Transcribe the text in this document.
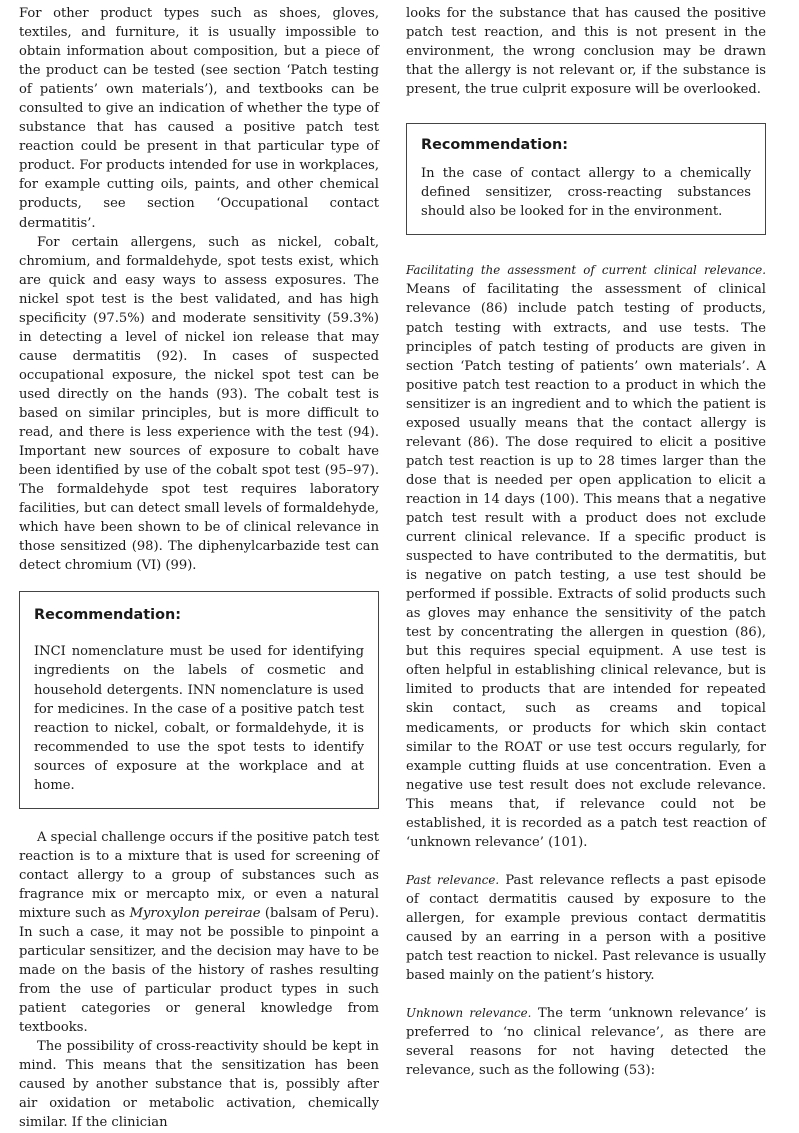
For other product types such as shoes, gloves, textiles, and furniture, it is usually impossible to obtain information about composition, but a piece of the product can be tested (see section ‘Patch testing of patients’ own materials’), and textbooks can be consulted to give an indication of whether the type of substance that has caused a positive patch test reaction could be present in that particular type of product. For products intended for use in workplaces, for example cutting oils, paints, and other chemical products, see section ‘Occupational contact dermatitis’.

For certain allergens, such as nickel, cobalt, chromium, and formaldehyde, spot tests exist, which are quick and easy ways to assess exposures. The nickel spot test is the best validated, and has high specificity (97.5%) and moderate sensitivity (59.3%) in detecting a level of nickel ion release that may cause dermatitis (92). In cases of suspected occupational exposure, the nickel spot test can be used directly on the hands (93). The cobalt test is based on similar principles, but is more difficult to read, and there is less experience with the test (94). Important new sources of exposure to cobalt have been identified by use of the cobalt spot test (95–97). The formaldehyde spot test requires laboratory facilities, but can detect small levels of formaldehyde, which have been shown to be of clinical relevance in those sensitized (98). The diphenylcarbazide test can detect chromium (VI) (99).

Recommendation:

INCI nomenclature must be used for identifying ingredients on the labels of cosmetic and household detergents. INN nomenclature is used for medicines. In the case of a positive patch test reaction to nickel, cobalt, or formaldehyde, it is recommended to use the spot tests to identify sources of exposure at the workplace and at home.

A special challenge occurs if the positive patch test reaction is to a mixture that is used for screening of contact allergy to a group of substances such as fragrance mix or mercapto mix, or even a natural mixture such as Myroxylon pereirae (balsam of Peru). In such a case, it may not be possible to pinpoint a particular sensitizer, and the decision may have to be made on the basis of the history of rashes resulting from the use of particular product types in such patient categories or general knowledge from textbooks.

The possibility of cross-reactivity should be kept in mind. This means that the sensitization has been caused by another substance that is, possibly after air oxidation or metabolic activation, chemically similar. If the clinician

looks for the substance that has caused the positive patch test reaction, and this is not present in the environment, the wrong conclusion may be drawn that the allergy is not relevant or, if the substance is present, the true culprit exposure will be overlooked.

Recommendation:

In the case of contact allergy to a chemically defined sensitizer, cross-reacting substances should also be looked for in the environment.

Facilitating the assessment of current clinical relevance. Means of facilitating the assessment of clinical relevance (86) include patch testing of products, patch testing with extracts, and use tests. The principles of patch testing of products are given in section ‘Patch testing of patients’ own materials’. A positive patch test reaction to a product in which the sensitizer is an ingredient and to which the patient is exposed usually means that the contact allergy is relevant (86). The dose required to elicit a positive patch test reaction is up to 28 times larger than the dose that is needed per open application to elicit a reaction in 14 days (100). This means that a negative patch test result with a product does not exclude current clinical relevance. If a specific product is suspected to have contributed to the dermatitis, but is negative on patch testing, a use test should be performed if possible. Extracts of solid products such as gloves may enhance the sensitivity of the patch test by concentrating the allergen in question (86), but this requires special equipment. A use test is often helpful in establishing clinical relevance, but is limited to products that are intended for repeated skin contact, such as creams and topical medicaments, or products for which skin contact similar to the ROAT or use test occurs regularly, for example cutting fluids at use concentration. Even a negative use test result does not exclude relevance. This means that, if relevance could not be established, it is recorded as a patch test reaction of ‘unknown relevance’ (101).

Past relevance. Past relevance reflects a past episode of contact dermatitis caused by exposure to the allergen, for example previous contact dermatitis caused by an earring in a person with a positive patch test reaction to nickel. Past relevance is usually based mainly on the patient’s history.

Unknown relevance. The term ‘unknown relevance’ is preferred to ‘no clinical relevance’, as there are several reasons for not having detected the relevance, such as the following (53):
